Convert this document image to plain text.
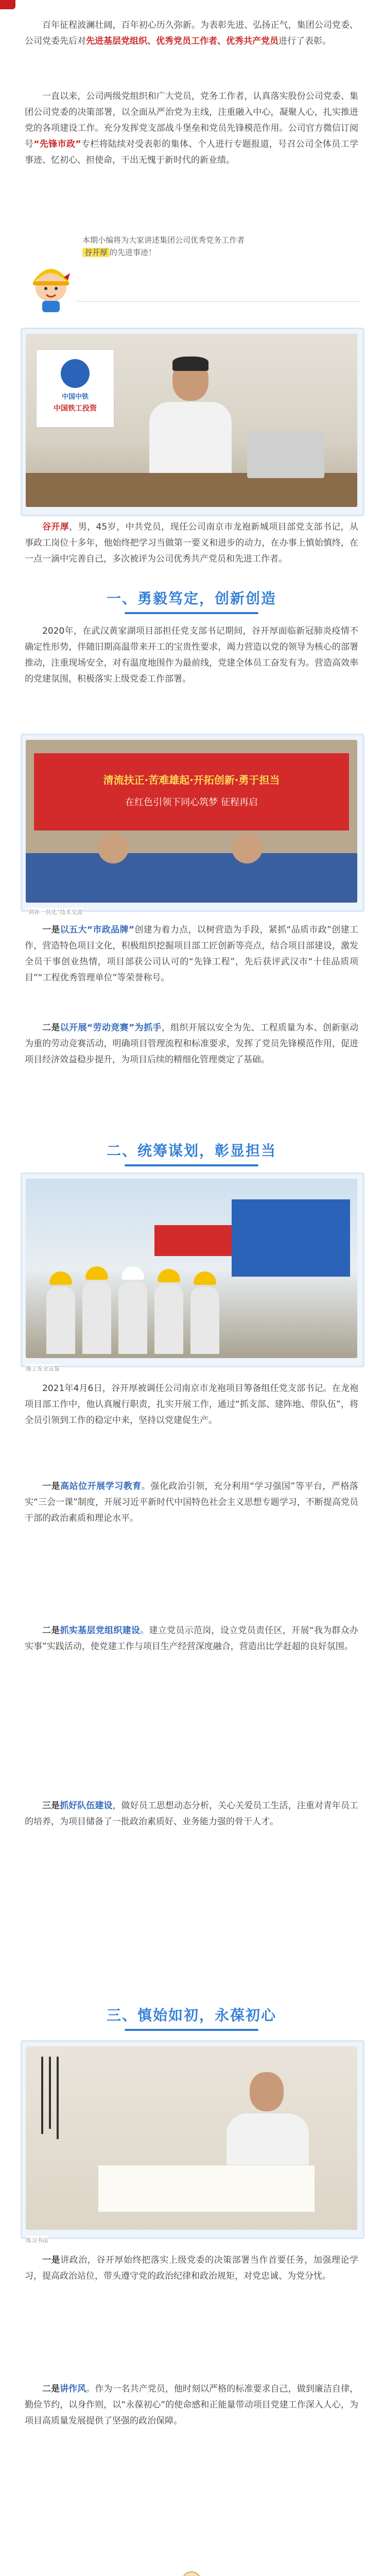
百年征程波澜壮阔，百年初心历久弥新。为表彰先进、弘扬正气，集团公司党委、公司党委先后对先进基层党组织、优秀党员工作者、优秀共产党员进行了表彰。
一直以来，公司两级党组织和广大党员，党务工作者，认真落实股份公司党委、集团公司党委的决策部署，以全面从严治党为主线，注重融入中心，凝聚人心，扎实推进党的各项建设工作。充分发挥党支部战斗堡垒和党员先锋模范作用。公司官方微信订阅号“先锋市政”专栏将陆续对受表彰的集体、个人进行专题报道，号召公司全体员工学事迹、忆初心、担使命，干出无愧于新时代的新业绩。
本期小编将为大家讲述集团公司优秀党务工作者
谷开厚 的先进事迹！
中国中铁
中国铁工投资
谷开厚，男，45岁，中共党员，现任公司南京市龙袍新城项目部党支部书记，从事政工岗位十多年，他始终把学习当做第一要义和进步的动力，在办事上慎始慎终，在一点一滴中完善自己，多次被评为公司优秀共产党员和先进工作者。
一、勇毅笃定，创新创造
2020年，在武汉黄家湖项目部担任党支部书记期间，谷开厚面临新冠肺炎疫情不确定性形势，伴随旧期高温带来开工的宝贵性要求，竭力营造以党的领导为核心的部署推动，注重现场安全，对有温度地围作为最前线，党建全体员工奋发有为。营造高效率的党建氛围，积极落实上级党委工作部署。
清流扶正·苦难雄起·开拓创新·勇于担当
在红色引领下同心筑梦 征程再启
“两补一扶化”技术交流
一是以五大“市政品牌”创建为着力点，以树营造为手段，紧抓“品质市政”创建工作，营造特色项目文化，积极组织挖掘项目部工匠创新等亮点，结合项目部建设，激发全员干事创业热情，项目部获公司认可的“先锋工程”，先后获评武汉市“十佳品质项目”“工程优秀管理单位”等荣誉称号。
二是以开展“劳动竞赛”为抓手，组织开展以安全为先、工程质量为本、创新驱动为重的劳动竞赛活动，明确项目管理流程和标准要求，发挥了党员先锋模范作用，促进项目经济效益稳步提升，为项目后续的精细化管理奠定了基础。
二、统筹谋划，彰显担当
施工安全宣誓
2021年4月6日，谷开厚被调任公司南京市龙袍项目筹备组任党支部书记。在龙袍项目部工作中，他认真履行职责，扎实开展工作，通过“抓支部、建阵地、带队伍”，将全员引领到工作的稳定中来，坚持以党建促生产。
一是高站位开展学习教育。强化政治引领，充分利用“学习强国”等平台，严格落实“三会一课”制度，开展习近平新时代中国特色社会主义思想专题学习，不断提高党员干部的政治素质和理论水平。
二是抓实基层党组织建设。建立党员示范岗，设立党员责任区，开展“我为群众办实事”实践活动，使党建工作与项目生产经营深度融合，营造出比学赶超的良好氛围。
三是抓好队伍建设，做好员工思想动态分析，关心关爱员工生活，注重对青年员工的培养，为项目储备了一批政治素质好、业务能力强的骨干人才。
三、慎始如初，永葆初心
练习书法
一是讲政治，谷开厚始终把落实上级党委的决策部署当作首要任务，加强理论学习，提高政治站位，带头遵守党的政治纪律和政治规矩，对党忠诚、为党分忧。
二是讲作风。作为一名共产党员，他时刻以严格的标准要求自己，做到廉洁自律，勤俭节约，以身作则，以“永葆初心”的使命感和正能量带动项目党建工作深入人心，为项目高质量发展提供了坚强的政治保障。
